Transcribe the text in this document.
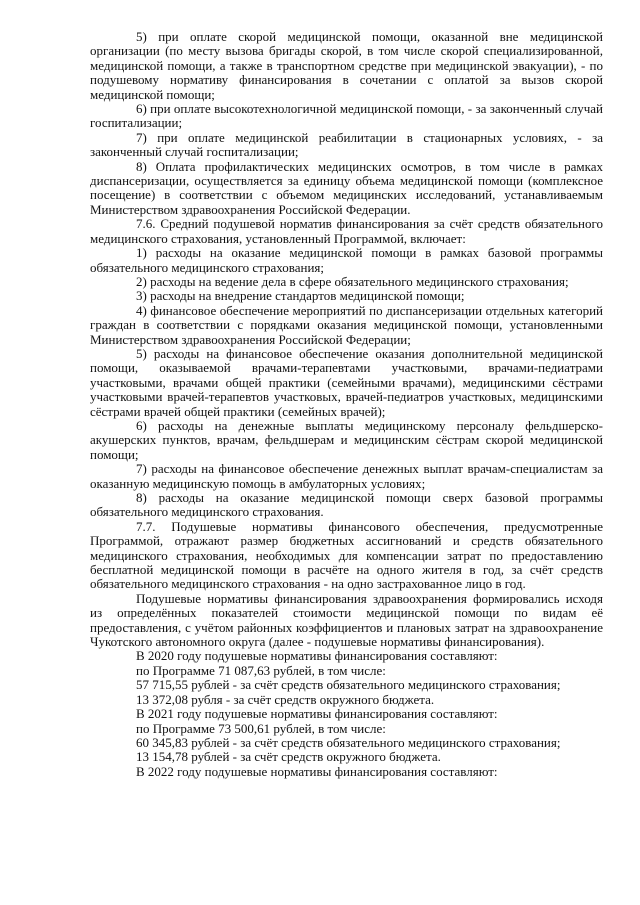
5) при оплате скорой медицинской помощи, оказанной вне медицинской организации (по месту вызова бригады скорой, в том числе скорой специализированной, медицинской помощи, а также в транспортном средстве при медицинской эвакуации), - по подушевому нормативу финансирования в сочетании с оплатой за вызов скорой медицинской помощи;

6) при оплате высокотехнологичной медицинской помощи, - за законченный случай госпитализации;

7) при оплате медицинской реабилитации в стационарных условиях, - за законченный случай госпитализации;

8) Оплата профилактических медицинских осмотров, в том числе в рамках диспансеризации, осуществляется за единицу объема медицинской помощи (комплексное посещение) в соответствии с объемом медицинских исследований, устанавливаемым Министерством здравоохранения Российской Федерации.

7.6. Средний подушевой норматив финансирования за счёт средств обязательного медицинского страхования, установленный Программой, включает:

1) расходы на оказание медицинской помощи в рамках базовой программы обязательного медицинского страхования;

2) расходы на ведение дела в сфере обязательного медицинского страхования;

3) расходы на внедрение стандартов медицинской помощи;

4) финансовое обеспечение мероприятий по диспансеризации отдельных категорий граждан в соответствии с порядками оказания медицинской помощи, установленными Министерством здравоохранения Российской Федерации;

5) расходы на финансовое обеспечение оказания дополнительной медицинской помощи, оказываемой врачами-терапевтами участковыми, врачами-педиатрами участковыми, врачами общей практики (семейными врачами), медицинскими сёстрами участковыми врачей-терапевтов участковых, врачей-педиатров участковых, медицинскими сёстрами врачей общей практики (семейных врачей);

6) расходы на денежные выплаты медицинскому персоналу фельдшерско-акушерских пунктов, врачам, фельдшерам и медицинским сёстрам скорой медицинской помощи;

7) расходы на финансовое обеспечение денежных выплат врачам-специалистам за оказанную медицинскую помощь в амбулаторных условиях;

8) расходы на оказание медицинской помощи сверх базовой программы обязательного медицинского страхования.

7.7. Подушевые нормативы финансового обеспечения, предусмотренные Программой, отражают размер бюджетных ассигнований и средств обязательного медицинского страхования, необходимых для компенсации затрат по предоставлению бесплатной медицинской помощи в расчёте на одного жителя в год, за счёт средств обязательного медицинского страхования - на одно застрахованное лицо в год.

Подушевые нормативы финансирования здравоохранения формировались исходя из определённых показателей стоимости медицинской помощи по видам её предоставления, с учётом районных коэффициентов и плановых затрат на здравоохранение Чукотского автономного округа (далее - подушевые нормативы финансирования).

В 2020 году подушевые нормативы финансирования составляют:

по Программе 71 087,63 рублей, в том числе:

57 715,55 рублей - за счёт средств обязательного медицинского страхования;

13 372,08 рубля - за счёт средств окружного бюджета.

В 2021 году подушевые нормативы финансирования составляют:

по Программе 73 500,61 рублей, в том числе:

60 345,83 рублей - за счёт средств обязательного медицинского страхования;

13 154,78 рублей - за счёт средств окружного бюджета.

В 2022 году подушевые нормативы финансирования составляют:
